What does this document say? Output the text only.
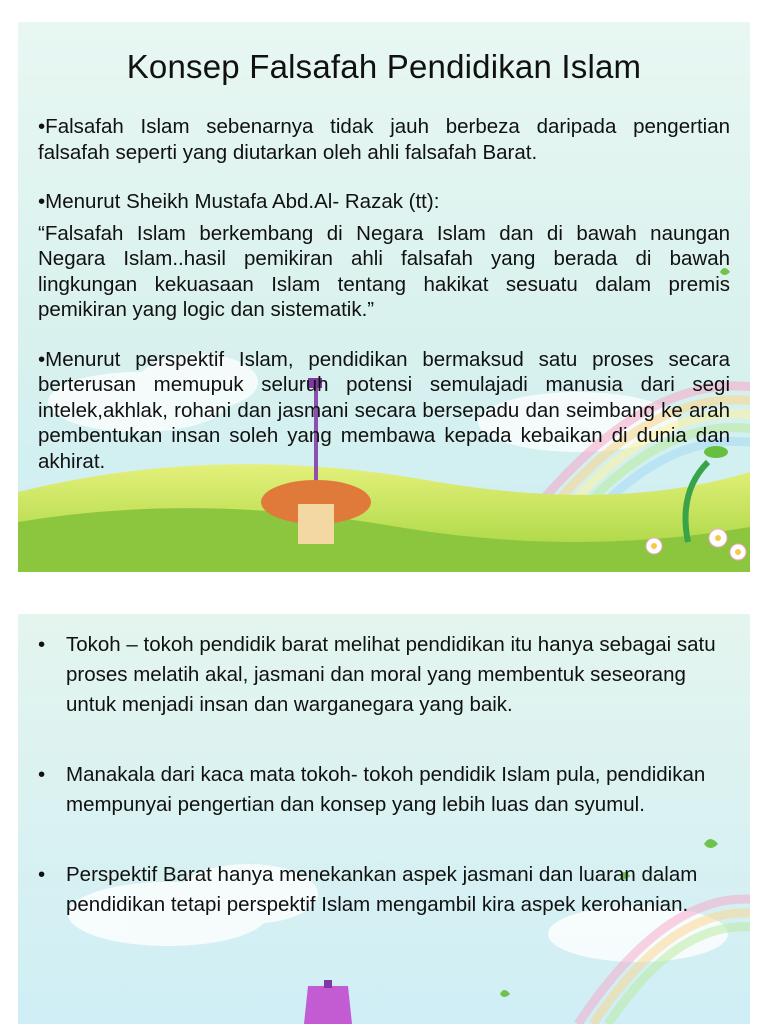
Konsep Falsafah Pendidikan Islam

•Falsafah Islam sebenarnya tidak jauh berbeza daripada pengertian falsafah seperti yang diutarkan oleh ahli falsafah Barat.

•Menurut Sheikh Mustafa Abd.Al- Razak (tt):

“Falsafah Islam berkembang di Negara Islam dan di bawah naungan Negara Islam..hasil pemikiran ahli falsafah yang berada di bawah lingkungan kekuasaan Islam tentang hakikat sesuatu dalam premis pemikiran yang logic dan sistematik.”

•Menurut perspektif Islam, pendidikan bermaksud satu proses secara berterusan memupuk seluruh potensi semulajadi manusia dari segi intelek,akhlak, rohani dan jasmani secara bersepadu dan seimbang ke arah pembentukan insan soleh yang membawa kepada kebaikan di dunia dan akhirat.

• Tokoh – tokoh pendidik barat melihat pendidikan itu hanya sebagai satu proses melatih akal, jasmani dan moral yang membentuk seseorang untuk menjadi insan dan warganegara yang baik.
• Manakala dari kaca mata tokoh- tokoh pendidik Islam pula, pendidikan mempunyai pengertian dan konsep yang lebih luas dan syumul.
• Perspektif Barat hanya menekankan aspek jasmani dan luaran dalam pendidikan tetapi perspektif Islam mengambil kira aspek kerohanian.
